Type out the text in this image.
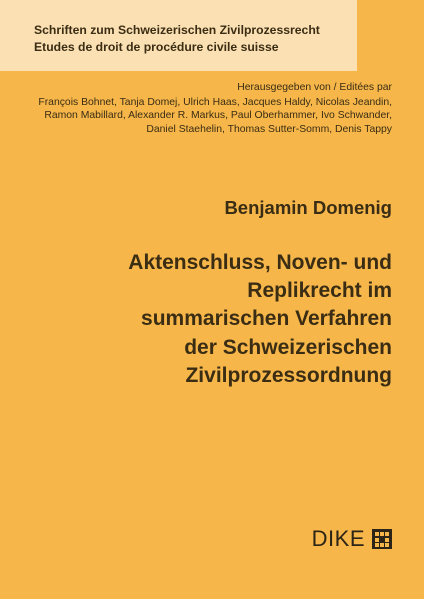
Schriften zum Schweizerischen Zivilprozessrecht
Etudes de droit de procédure civile suisse
Herausgegeben von / Editées par
François Bohnet, Tanja Domej, Ulrich Haas, Jacques Haldy, Nicolas Jeandin,
Ramon Mabillard, Alexander R. Markus, Paul Oberhammer, Ivo Schwander,
Daniel Staehelin, Thomas Sutter-Somm, Denis Tappy
Benjamin Domenig
Aktenschluss, Noven- und
Replikrecht im
summarischen Verfahren
der Schweizerischen
Zivilprozessordnung
DIKE
